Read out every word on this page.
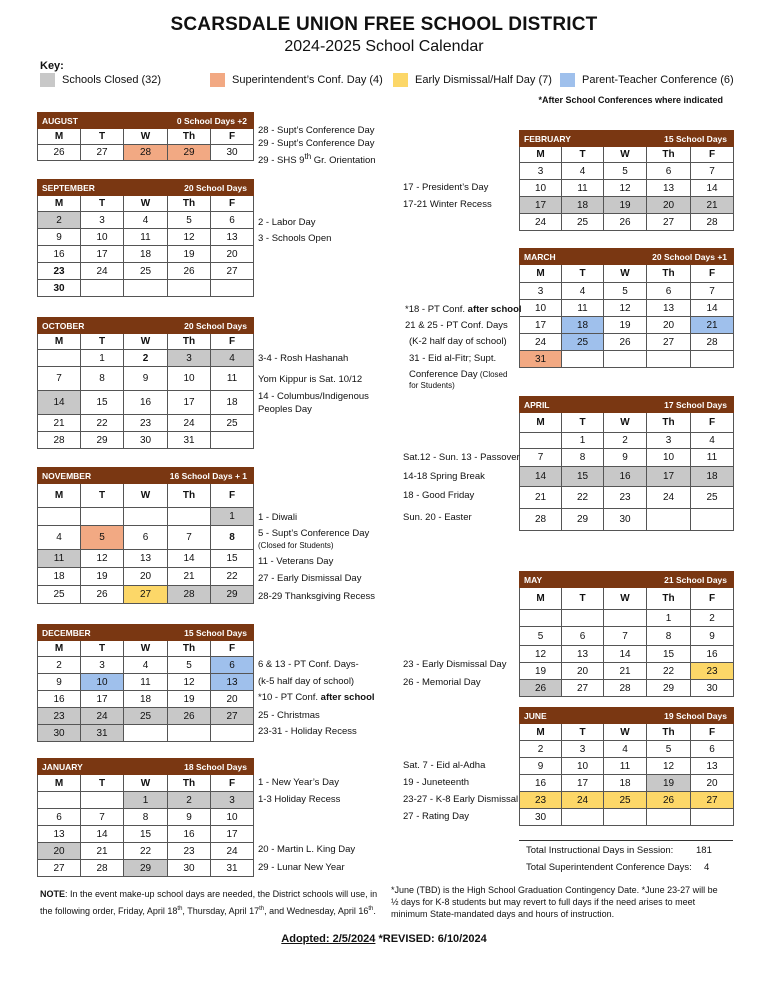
SCARSDALE UNION FREE SCHOOL DISTRICT
2024-2025 School Calendar
Key:
Schools Closed (32)	Superintendent’s Conf. Day (4)	Early Dismissal/Half Day (7)	Parent-Teacher Conference (6)
*After School Conferences where indicated
AUGUST		0 School Days +2		
M	T	W	Th	F
26	27	28	29	30
SEPTEMBER		20 School Days		
M	T	W	Th	F
2	3	4	5	6
9	10	11	12	13
16	17	18	19	20
23	24	25	26	27
30				
OCTOBER		20 School Days		
M	T	W	Th	F
	1	2	3	4
7	8	9	10	11
14	15	16	17	18
21	22	23	24	25
28	29	30	31	
NOVEMBER		16 School Days + 1		
M	T	W	Th	F
				1
4	5	6	7	8
11	12	13	14	15
18	19	20	21	22
25	26	27	28	29
DECEMBER		15 School Days		
M	T	W	Th	F
2	3	4	5	6
9	10	11	12	13
16	17	18	19	20
23	24	25	26	27
30	31			
JANUARY		18 School Days		
M	T	W	Th	F
		1	2	3
6	7	8	9	10
13	14	15	16	17
20	21	22	23	24
27	28	29	30	31
FEBRUARY		15 School Days		
M	T	W	Th	F
3	4	5	6	7
10	11	12	13	14
17	18	19	20	21
24	25	26	27	28
MARCH		20 School Days +1		
M	T	W	Th	F
3	4	5	6	7
10	11	12	13	14
17	18	19	20	21
24	25	26	27	28
31				
APRIL		17 School Days		
M	T	W	Th	F
	1	2	3	4
7	8	9	10	11
14	15	16	17	18
21	22	23	24	25
28	29	30		
MAY		21 School Days		
M	T	W	Th	F
			1	2
5	6	7	8	9
12	13	14	15	16
19	20	21	22	23
26	27	28	29	30
JUNE		19 School Days		
M	T	W	Th	F
2	3	4	5	6
9	10	11	12	13
16	17	18	19	20
23	24	25	26	27
30				
28 - Supt’s Conference Day
29 - Supt’s Conference Day
29 - SHS 9th Gr. Orientation
2 - Labor Day
3 - Schools Open
3-4 - Rosh Hashanah
Yom Kippur is Sat. 10/12
14 - Columbus/Indigenous
Peoples Day
1 - Diwali
5 - Supt’s Conference Day
(Closed for Students)
11 - Veterans Day
27 - Early Dismissal Day
28-29 Thanksgiving Recess
6 & 13 - PT Conf. Days-
(k-5 half day of school)
*10 - PT Conf. after school
25 - Christmas
23-31 - Holiday Recess
1 - New Year’s Day
1-3 Holiday Recess
20 - Martin L. King Day
29 - Lunar New Year
17 - President’s Day
17-21 Winter Recess
*18 - PT Conf. after school
21 & 25 - PT Conf. Days
(K-2 half day of school)
31 - Eid al-Fitr; Supt.
Conference Day (Closed
for Students)
Sat.12 - Sun. 13 - Passover
14-18 Spring Break
18 - Good Friday
Sun. 20 - Easter
23 - Early Dismissal Day
26 - Memorial Day
Sat. 7 - Eid al-Adha
19 - Juneteenth
23-27 - K-8 Early Dismissal
27 - Rating Day
Total Instructional Days in Session: 181
Total Superintendent Conference Days: 4
NOTE: In the event make-up school days are needed, the District schools will use, in
the following order, Friday, April 18th, Thursday, April 17th, and Wednesday, April 16th.
*June (TBD) is the High School Graduation Contingency Date. *June 23-27 will be
½ days for K-8 students but may revert to full days if the need arises to meet
minimum State-mandated days and hours of instruction.
Adopted: 2/5/2024 *REVISED: 6/10/2024
